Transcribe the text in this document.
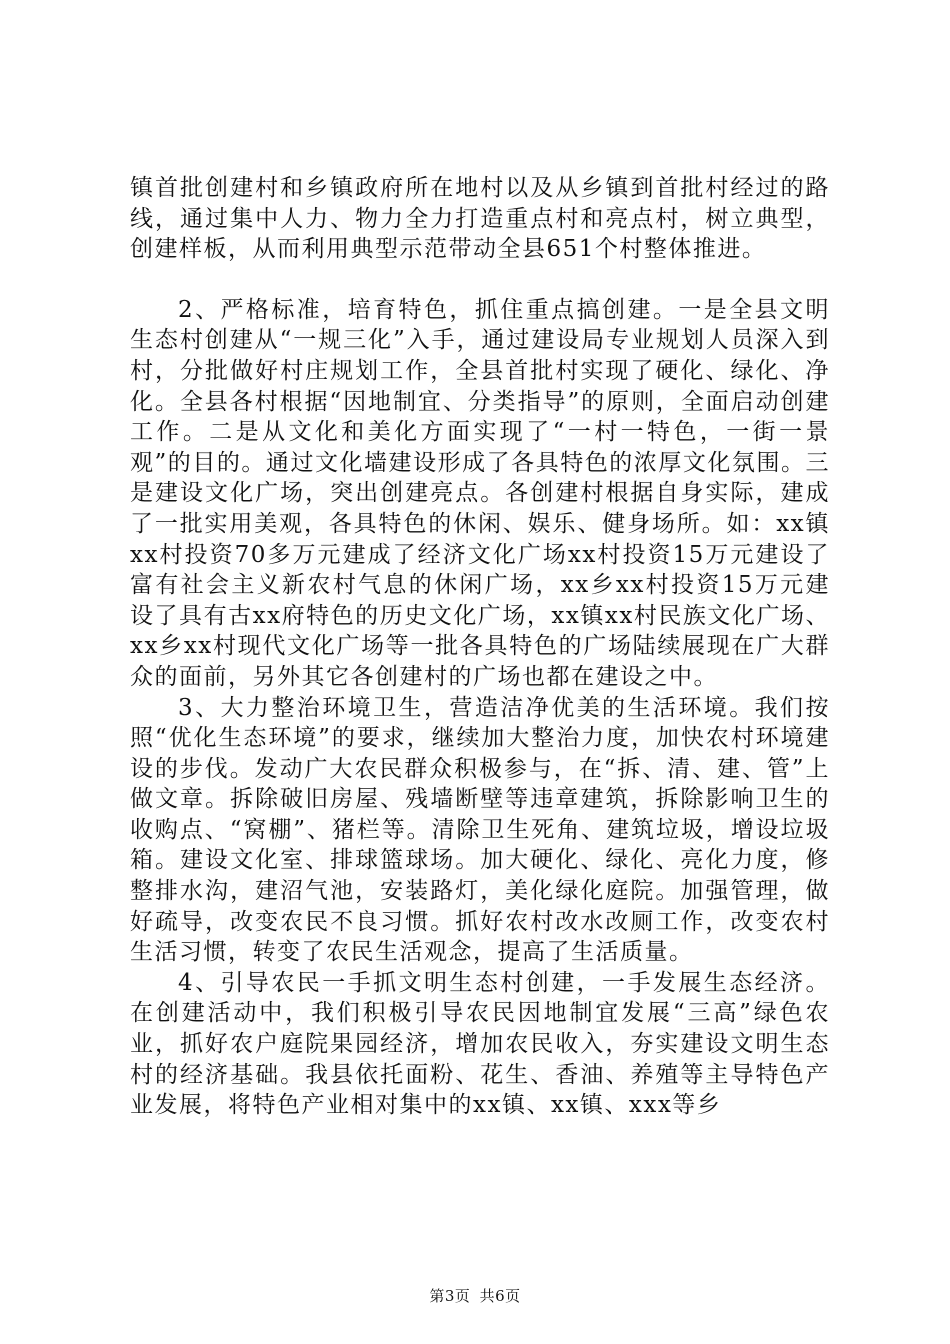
镇首批创建村和乡镇政府所在地村以及从乡镇到首批村经过的路线，通过集中人力、物力全力打造重点村和亮点村，树立典型，创建样板，从而利用典型示范带动全县651个村整体推进。

2、严格标准，培育特色，抓住重点搞创建。一是全县文明生态村创建从“一规三化”入手，通过建设局专业规划人员深入到村，分批做好村庄规划工作，全县首批村实现了硬化、绿化、净化。全县各村根据“因地制宜、分类指导”的原则，全面启动创建工作。二是从文化和美化方面实现了“一村一特色，一街一景观”的目的。通过文化墙建设形成了各具特色的浓厚文化氛围。三是建设文化广场，突出创建亮点。各创建村根据自身实际，建成了一批实用美观，各具特色的休闲、娱乐、健身场所。如：xx镇xx村投资70多万元建成了经济文化广场xx村投资15万元建设了富有社会主义新农村气息的休闲广场，xx乡xx村投资15万元建设了具有古xx府特色的历史文化广场，xx镇xx村民族文化广场、xx乡xx村现代文化广场等一批各具特色的广场陆续展现在广大群众的面前，另外其它各创建村的广场也都在建设之中。

3、大力整治环境卫生，营造洁净优美的生活环境。我们按照“优化生态环境”的要求，继续加大整治力度，加快农村环境建设的步伐。发动广大农民群众积极参与，在“拆、清、建、管”上做文章。拆除破旧房屋、残墙断壁等违章建筑，拆除影响卫生的收购点、“窝棚”、猪栏等。清除卫生死角、建筑垃圾，增设垃圾箱。建设文化室、排球篮球场。加大硬化、绿化、亮化力度，修整排水沟，建沼气池，安装路灯，美化绿化庭院。加强管理，做好疏导，改变农民不良习惯。抓好农村改水改厕工作，改变农村生活习惯，转变了农民生活观念，提高了生活质量。

4、引导农民一手抓文明生态村创建，一手发展生态经济。在创建活动中，我们积极引导农民因地制宜发展“三高”绿色农业，抓好农户庭院果园经济，增加农民收入，夯实建设文明生态村的经济基础。我县依托面粉、花生、香油、养殖等主导特色产业发展，将特色产业相对集中的xx镇、xx镇、xxx等乡

第3页 共6页
